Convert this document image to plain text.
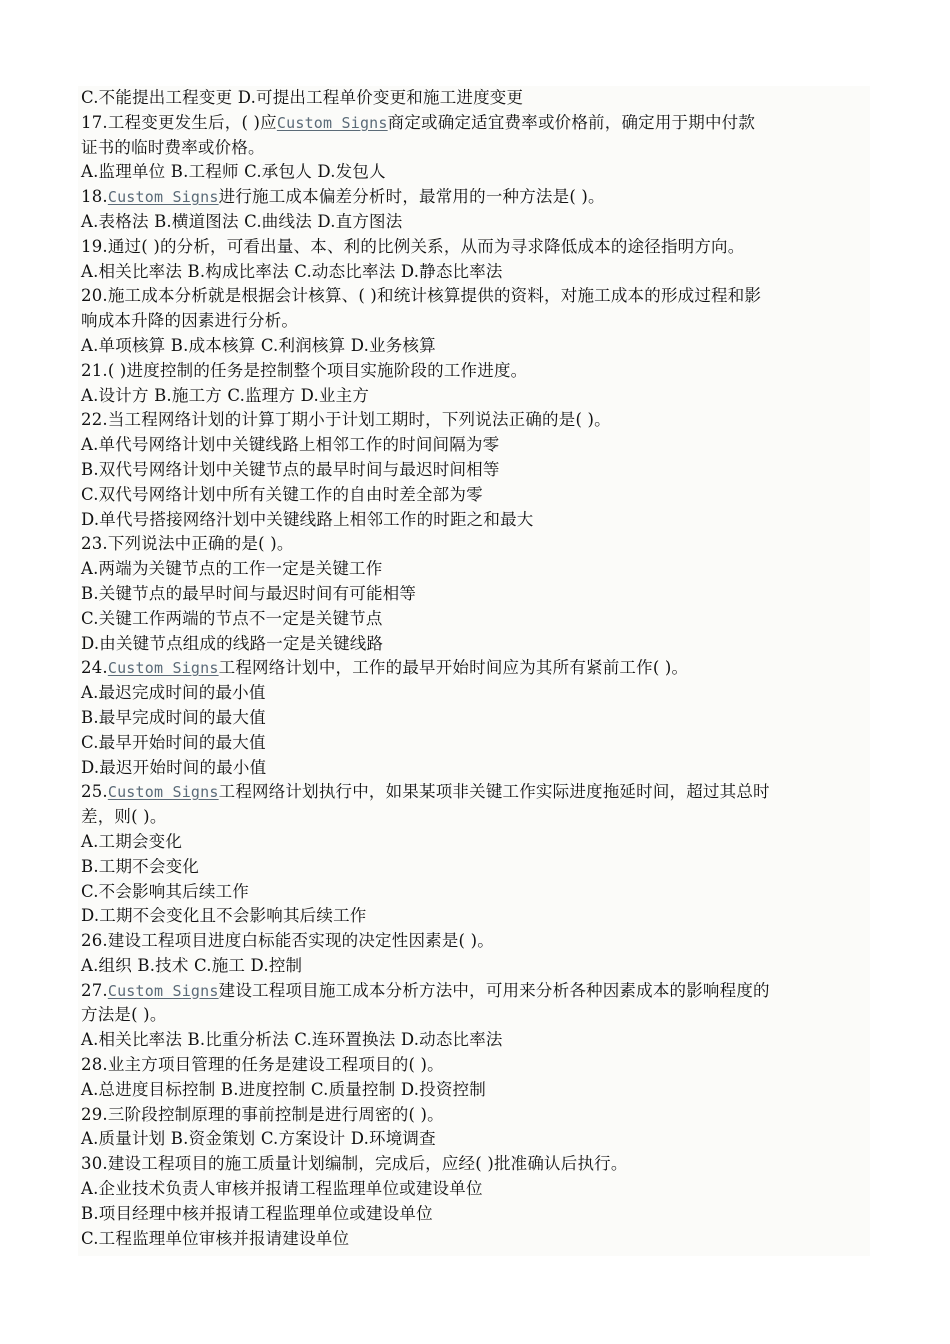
C.不能提出工程变更 D.可提出工程单价变更和施工进度变更
17.工程变更发生后，( )应Custom Signs商定或确定适宜费率或价格前，确定用于期中付款
证书的临时费率或价格。
A.监理单位 B.工程师 C.承包人 D.发包人
18.Custom Signs进行施工成本偏差分析时，最常用的一种方法是( )。
A.表格法 B.横道图法 C.曲线法 D.直方图法
19.通过( )的分析，可看出量、本、利的比例关系，从而为寻求降低成本的途径指明方向。
A.相关比率法 B.构成比率法 C.动态比率法 D.静态比率法
20.施工成本分析就是根据会计核算、( )和统计核算提供的资料，对施工成本的形成过程和影
响成本升降的因素进行分析。
A.单项核算 B.成本核算 C.利润核算 D.业务核算
21.( )进度控制的任务是控制整个项目实施阶段的工作进度。
A.设计方 B.施工方 C.监理方 D.业主方
22.当工程网络计划的计算丁期小于计划工期时，下列说法正确的是( )。
A.单代号网络计划中关键线路上相邻工作的时间间隔为零
B.双代号网络计划中关键节点的最早时间与最迟时间相等
C.双代号网络计划中所有关键工作的自由时差全部为零
D.单代号搭接网络汁划中关键线路上相邻工作的时距之和最大
23.下列说法中正确的是( )。
A.两端为关键节点的工作一定是关键工作
B.关键节点的最早时间与最迟时间有可能相等
C.关键工作两端的节点不一定是关键节点
D.由关键节点组成的线路一定是关键线路
24.Custom Signs工程网络计划中，工作的最早开始时间应为其所有紧前工作( )。
A.最迟完成时间的最小值
B.最早完成时间的最大值
C.最早开始时间的最大值
D.最迟开始时间的最小值
25.Custom Signs工程网络计划执行中，如果某项非关键工作实际进度拖延时间，超过其总时
差，则( )。
A.工期会变化
B.工期不会变化
C.不会影响其后续工作
D.工期不会变化且不会影响其后续工作
26.建设工程项目进度白标能否实现的决定性因素是( )。
A.组织 B.技术 C.施工 D.控制
27.Custom Signs建设工程项目施工成本分析方法中，可用来分析各种因素成本的影响程度的
方法是( )。
A.相关比率法 B.比重分析法 C.连环置换法 D.动态比率法
28.业主方项目管理的任务是建设工程项目的( )。
A.总进度目标控制 B.进度控制 C.质量控制 D.投资控制
29.三阶段控制原理的事前控制是进行周密的( )。
A.质量计划 B.资金策划 C.方案设计 D.环境调查
30.建设工程项目的施工质量计划编制，完成后，应经( )批准确认后执行。
A.企业技术负责人审核并报请工程监理单位或建设单位
B.项目经理中核并报请工程监理单位或建设单位
C.工程监理单位审核并报请建设单位
